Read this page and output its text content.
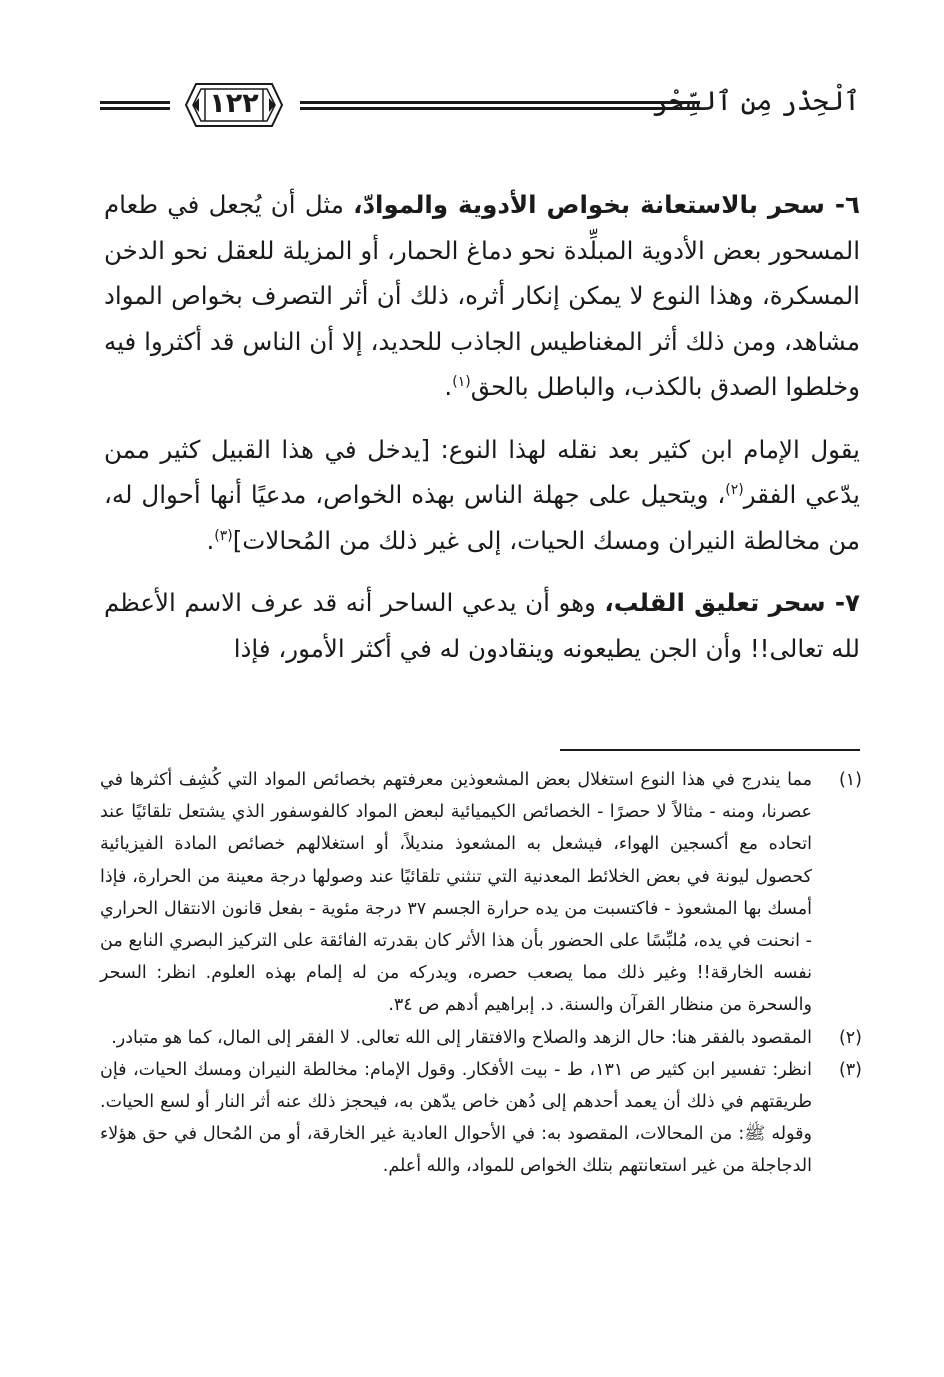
١٢٢	ٱلْحِذْر مِن ٱلسِّحْر

٦- سحر بالاستعانة بخواص الأدوية والموادّ، مثل أن يُجعل في طعام المسحور بعض الأدوية المبلِّدة نحو دماغ الحمار، أو المزيلة للعقل نحو الدخن المسكرة، وهذا النوع لا يمكن إنكار أثره، ذلك أن أثر التصرف بخواص المواد مشاهد، ومن ذلك أثر المغناطيس الجاذب للحديد، إلا أن الناس قد أكثروا فيه وخلطوا الصدق بالكذب، والباطل بالحق$^{(١)}$.

يقول الإمام ابن كثير بعد نقله لهذا النوع: [يدخل في هذا القبيل كثير ممن يدّعي الفقر$^{(٢)}$، ويتحيل على جهلة الناس بهذه الخواص، مدعيًا أنها أحوال له، من مخالطة النيران ومسك الحيات، إلى غير ذلك من المُحالات]$^{(٣)}$.

٧- سحر تعليق القلب، وهو أن يدعي الساحر أنه قد عرف الاسم الأعظم لله تعالى!! وأن الجن يطيعونه وينقادون له في أكثر الأمور، فإذا

(١)
مما يندرج في هذا النوع استغلال بعض المشعوذين معرفتهم بخصائص المواد التي كُشِف أكثرها في عصرنا، ومنه - مثالاً لا حصرًا - الخصائص الكيميائية لبعض المواد كالفوسفور الذي يشتعل تلقائيًا عند اتحاده مع أكسجين الهواء، فيشعل به المشعوذ منديلاً، أو استغلالهم خصائص المادة الفيزيائية كحصول ليونة في بعض الخلائط المعدنية التي تنثني تلقائيًا عند وصولها درجة معينة من الحرارة، فإذا أمسك بها المشعوذ - فاكتسبت من يده حرارة الجسم ٣٧ درجة مئوية - بفعل قانون الانتقال الحراري - انحنت في يده، مُلبِّسًا على الحضور بأن هذا الأثر كان بقدرته الفائقة على التركيز البصري النابع من نفسه الخارقة!! وغير ذلك مما يصعب حصره، ويدركه من له إلمام بهذه العلوم. انظر: السحر والسحرة من منظار القرآن والسنة. د. إبراهيم أدهم ص ٣٤.
(٢)
المقصود بالفقر هنا: حال الزهد والصلاح والافتقار إلى الله تعالى. لا الفقر إلى المال، كما هو متبادر.
(٣)
انظر: تفسير ابن كثير ص ١٣١، ط - بيت الأفكار. وقول الإمام: مخالطة النيران ومسك الحيات، فإن طريقتهم في ذلك أن يعمد أحدهم إلى دُهن خاص يدّهن به، فيحجز ذلك عنه أثر النار أو لسع الحيات. وقوله ﷺ: من المحالات، المقصود به: في الأحوال العادية غير الخارقة، أو من المُحال في حق هؤلاء الدجاجلة من غير استعانتهم بتلك الخواص للمواد، والله أعلم.
